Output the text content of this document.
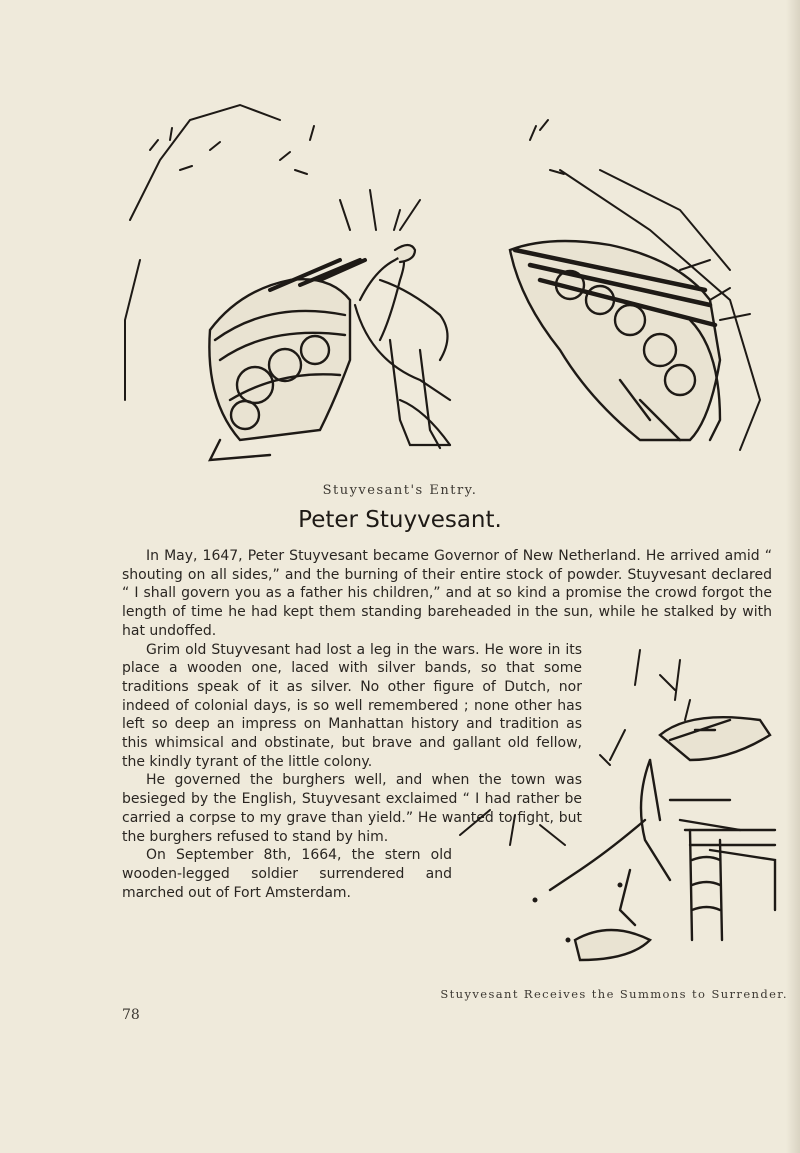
Stuyvesant's Entry.
Peter Stuyvesant.

In May, 1647, Peter Stuyvesant became Governor of New Netherland. He arrived amid “ shouting on all sides,” and the burning of their entire stock of powder. Stuyvesant declared “ I shall govern you as a father his children,” and at so kind a promise the crowd forgot the length of time he had kept them standing bareheaded in the sun, while he stalked by with hat undoffed.

Grim old Stuyvesant had lost a leg in the wars. He wore in its place a wooden one, laced with silver bands, so that some traditions speak of it as silver. No other figure of Dutch, nor indeed of colonial days, is so well remembered ; none other has left so deep an impress on Manhattan history and tradition as this whimsical and obstinate, but brave and gallant old fellow, the kindly tyrant of the little colony.

He governed the burghers well, and when the town was besieged by the English, Stuyvesant exclaimed “ I had rather be carried a corpse to my grave than yield.” He wanted to fight, but the burghers refused to stand by him.

On September 8th, 1664, the stern old wooden-legged soldier surrendered and marched out of Fort Amsterdam.

Stuyvesant Receives the Summons to Surrender.
78
